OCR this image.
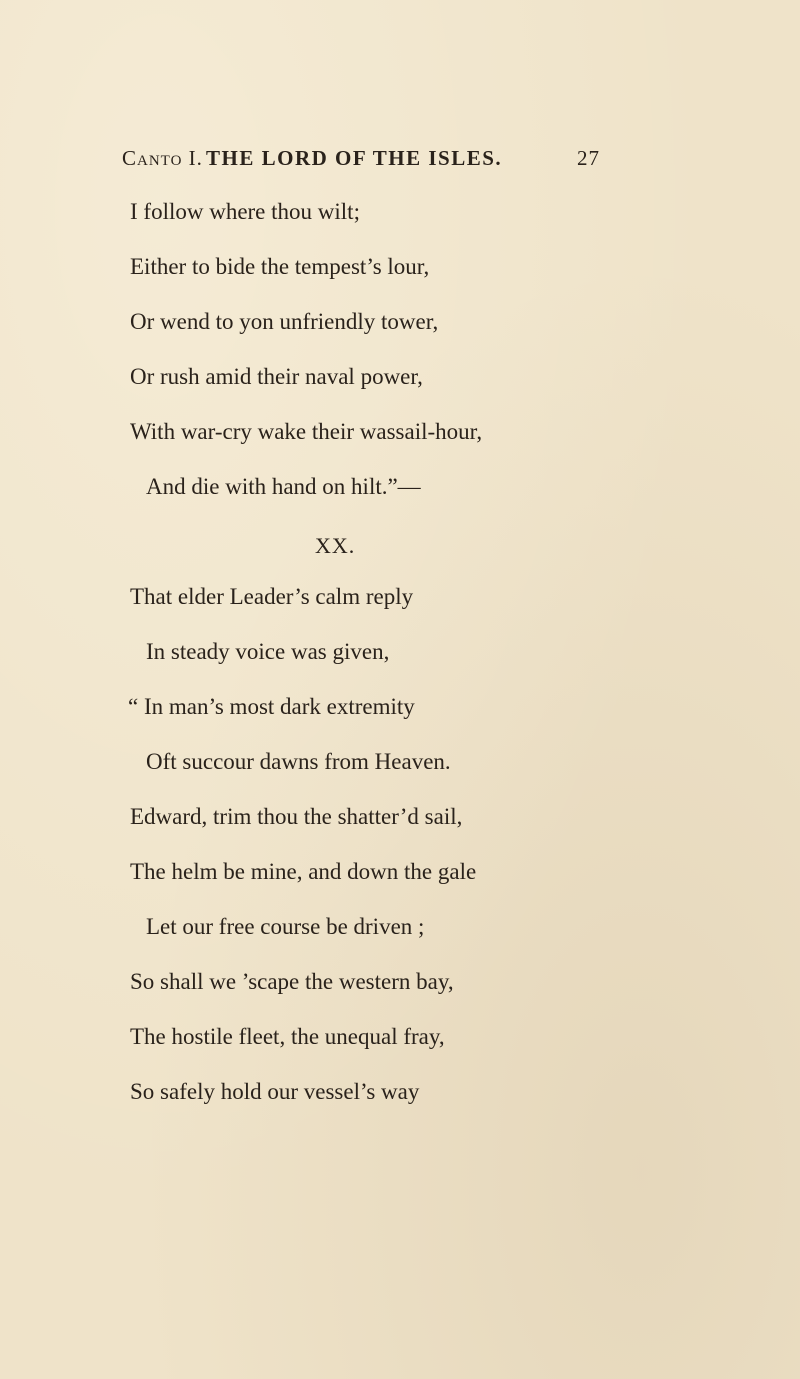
Canto I. THE LORD OF THE ISLES.	27
I follow where thou wilt;
Either to bide the tempest’s lour,
Or wend to yon unfriendly tower,
Or rush amid their naval power,
With war-cry wake their wassail-hour,
And die with hand on hilt.”—
XX.
That elder Leader’s calm reply
In steady voice was given,
“ In man’s most dark extremity
Oft succour dawns from Heaven.
Edward, trim thou the shatter’d sail,
The helm be mine, and down the gale
Let our free course be driven ;
So shall we ’scape the western bay,
The hostile fleet, the unequal fray,
So safely hold our vessel’s way
